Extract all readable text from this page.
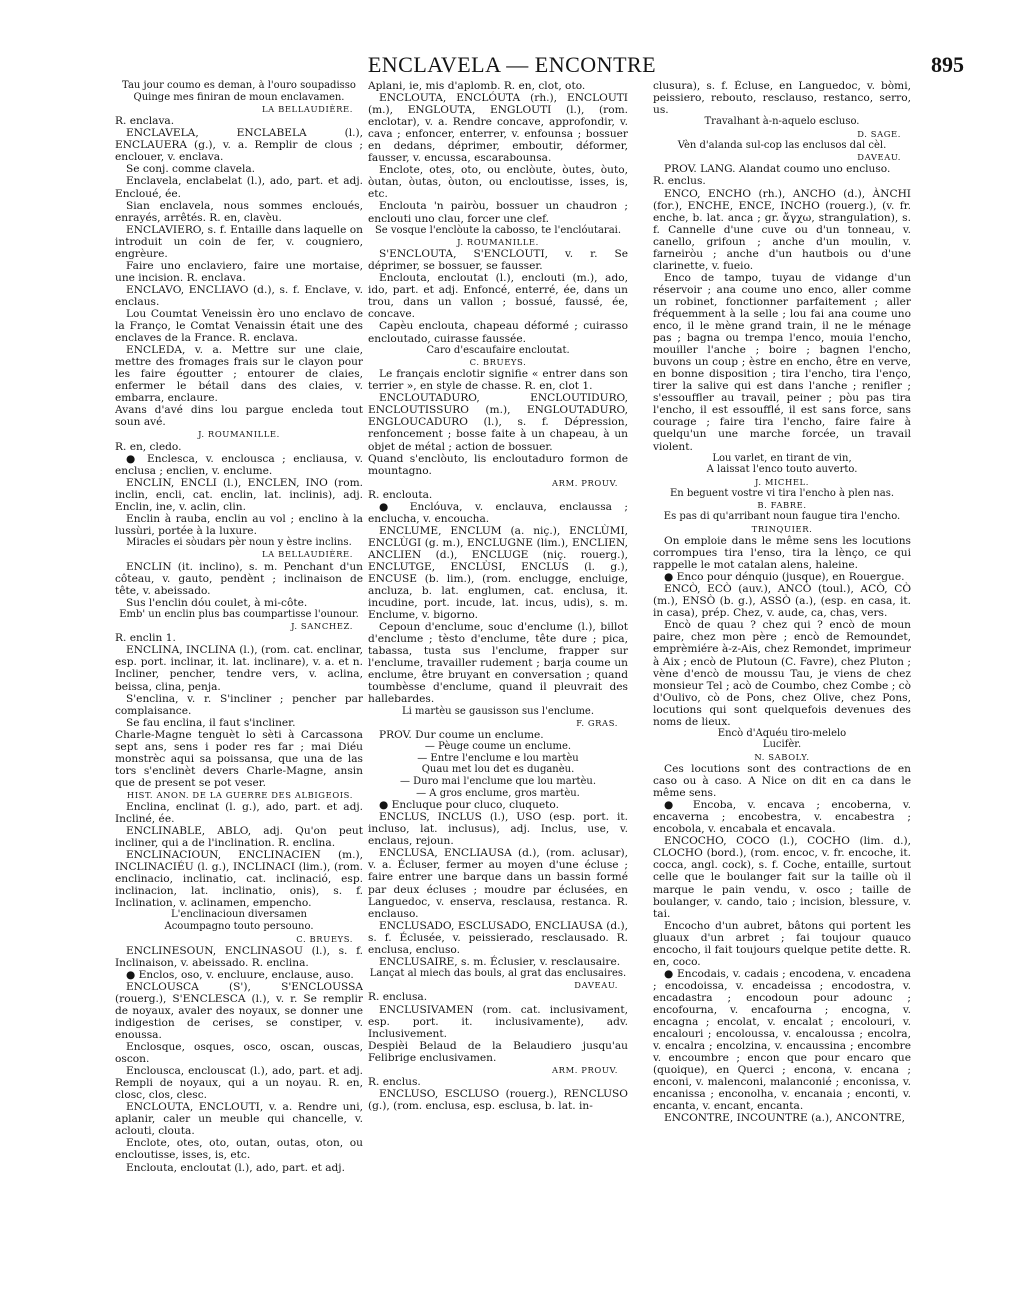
ENCLAVELA — ENCONTRE	895

Tau jour coumo es deman, à l'ouro soupadisso

Quinge mes finiran de moun enclavamen.

LA BELLAUDIÈRE.

R. enclava.

ENCLAVELA, ENCLABELA (l.), ENCLAUERA (g.), v. a. Remplir de clous ; enclouer, v. enclava.

Se conj. comme clavela.

Enclavela, enclabelat (l.), ado, part. et adj. Encloué, ée.

Sian enclavela, nous sommes encloués, enrayés, arrêtés. R. en, clavèu.

ENCLAVIERO, s. f. Entaille dans laquelle on introduit un coin de fer, v. cougniero, engrèure.

Faire uno enclaviero, faire une mortaise, une incision. R. enclava.

ENCLAVO, ENCLIAVO (d.), s. f. Enclave, v. enclaus.

Lou Coumtat Veneissin èro uno enclavo de la Franço, le Comtat Venaissin était une des enclaves de la France. R. enclava.

ENCLEDA, v. a. Mettre sur une claie, mettre des fromages frais sur le clayon pour les faire égoutter ; entourer de claies, enfermer le bétail dans des claies, v. embarra, enclaure.

Avans d'avé dins lou pargue encleda tout soun avé.

J. ROUMANILLE.

R. en, cledo.

● Enclesca, v. enclousca ; encliausa, v. enclusa ; enclien, v. enclume.

ENCLIN, ENCLI (l.), ENCLEN, INO (rom. inclin, encli, cat. enclin, lat. inclinis), adj. Enclin, ine, v. aclin, clin.

Enclin à rauba, enclin au vol ; enclino à la lussùri, portée à la luxure.

Miracles ei sòudars pèr noun y èstre inclins.

LA BELLAUDIÈRE.

ENCLIN (it. inclino), s. m. Penchant d'un côteau, v. gauto, pendènt ; inclinaison de tête, v. abeissado.

Sus l'enclin dóu coulet, à mi-côte.

Emb' un enclin plus bas coumpartisse l'ounour.

J. SANCHEZ.

R. enclin 1.

ENCLINA, INCLINA (l.), (rom. cat. enclinar, esp. port. inclinar, it. lat. inclinare), v. a. et n. Incliner, pencher, tendre vers, v. aclina, beissa, clina, penja.

S'enclina, v. r. S'incliner ; pencher par complaisance.

Se fau enclina, il faut s'incliner.

Charle-Magne tenguèt lo sèti à Carcassona sept ans, sens i poder res far ; mai Diéu monstrèc aqui sa poissansa, que una de las tors s'enclinèt devers Charle-Magne, ansin que de present se pot veser.

HIST. ANON. DE LA GUERRE DES ALBIGEOIS.

Enclina, enclinat (l. g.), ado, part. et adj. Incliné, ée.

ENCLINABLE, ABLO, adj. Qu'on peut incliner, qui a de l'inclination. R. enclina.

ENCLINACIOUN, ENCLINACIEN (m.), INCLINACIÉU (l. g.), INCLINACI (lim.), (rom. enclinacio, inclinatio, cat. inclinació, esp. inclinacion, lat. inclinatio, onis), s. f. Inclination, v. aclinamen, empencho.

L'enclinacioun diversamen

Acoumpagno touto persouno.

C. BRUEYS.

ENCLINESOUN, ENCLINASOU (l.), s. f. Inclinaison, v. abeissado. R. enclina.

● Enclos, oso, v. encluure, enclause, auso.

ENCLOUSCA (S'), S'ENCLOUSSA (rouerg.), S'ENCLESCA (l.), v. r. Se remplir de noyaux, avaler des noyaux, se donner une indigestion de cerises, se constiper, v. enoussa.

Enclosque, osques, osco, oscan, ouscas, oscon.

Enclousca, enclouscat (l.), ado, part. et adj. Rempli de noyaux, qui a un noyau. R. en, closc, clos, clesc.

ENCLOUTA, ENCLOUTI, v. a. Rendre uni, aplanir, caler un meuble qui chancelle, v. aclouti, clouta.

Enclote, otes, oto, outan, outas, oton, ou encloutisse, isses, is, etc.

Enclouta, encloutat (l.), ado, part. et adj.

Aplani, ie, mis d'aplomb. R. en, clot, oto.

ENCLOUTA, ENCLÓUTA (rh.), ENCLOUTI (m.), ENGLOUTA, ENGLOUTI (l.), (rom. enclotar), v. a. Rendre concave, approfondir, v. cava ; enfoncer, enterrer, v. enfounsa ; bossuer en dedans, déprimer, emboutir, déformer, fausser, v. encussa, escarabounsa.

Enclote, otes, oto, ou enclòute, òutes, òuto, òutan, òutas, òuton, ou encloutisse, isses, is, etc.

Enclouta 'n pairòu, bossuer un chaudron ; enclouti uno clau, forcer une clef.

Se vosque l'enclòute la cabosso, te l'enclóutarai.

J. ROUMANILLE.

S'ENCLOUTA, S'ENCLOUTI, v. r. Se déprimer, se bossuer, se fausser.

Enclouta, encloutat (l.), enclouti (m.), ado, ido, part. et adj. Enfoncé, enterré, ée, dans un trou, dans un vallon ; bossué, faussé, ée, concave.

Capèu enclouta, chapeau déformé ; cuirasso encloutado, cuirasse faussée.

Caro d'escaufaire encloutat.

C. BRUEYS.

Le français enclotir signifie « entrer dans son terrier », en style de chasse. R. en, clot 1.

ENCLOUTADURO, ENCLOUTIDURO, ENCLOUTISSURO (m.), ENGLOUTADURO, ENGLOUCADURO (l.), s. f. Dépression, renfoncement ; bosse faite à un chapeau, à un objet de métal ; action de bossuer.

Quand s'enclòuto, lis encloutaduro formon de mountagno.

ARM. PROUV.

R. enclouta.

● Enclóuva, v. enclauva, enclaussa ; enclucha, v. encoucha.

ENCLUME, ENCLUM (a. niç.), ENCLÙMI, ENCLÙGI (g. m.), ENCLUGNE (lim.), ENCLIEN, ANCLIEN (d.), ENCLUGE (niç. rouerg.), ENCLUTGE, ENCLÙSI, ENCLUS (l. g.), ENCUSE (b. lim.), (rom. enclugge, encluige, ancluza, b. lat. englumen, cat. enclusa, it. incudine, port. incude, lat. incus, udis), s. m. Enclume, v. bigorno.

Cepoun d'enclume, souc d'enclume (l.), billot d'enclume ; tèsto d'enclume, tête dure ; pica, tabassa, tusta sus l'enclume, frapper sur l'enclume, travailler rudement ; barja coume un enclume, être bruyant en conversation ; quand toumbèsse d'enclume, quand il pleuvrait des hallebardes.

Li martèu se gausisson sus l'enclume.

F. GRAS.

PROV. Dur coume un enclume.

— Pèuge coume un enclume.

— Entre l'enclume e lou martèu

Quau met lou det es duganèu.

— Duro mai l'enclume que lou martèu.

— A gros enclume, gros martèu.

● Encluque pour cluco, cluqueto.

ENCLUS, INCLUS (l.), USO (esp. port. it. incluso, lat. inclusus), adj. Inclus, use, v. enclaus, rejoun.

ENCLUSA, ENCLIAUSA (d.), (rom. aclusar), v. a. Écluser, fermer au moyen d'une écluse ; faire entrer une barque dans un bassin formé par deux écluses ; moudre par éclusées, en Languedoc, v. enserva, resclausa, restanca. R. enclauso.

ENCLUSADO, ESCLUSADO, ENCLIAUSA (d.), s. f. Éclusée, v. peissierado, resclausado. R. enclusa, encluso.

ENCLUSAIRE, s. m. Éclusier, v. resclausaire.

Lançat al miech das bouls, al grat das enclusaires.

DAVEAU.

R. enclusa.

ENCLUSIVAMEN (rom. cat. inclusivament, esp. port. it. inclusivamente), adv. Inclusivement.

Despièi Belaud de la Belaudiero jusqu'au Felibrige enclusivamen.

ARM. PROUV.

R. enclus.

ENCLUSO, ESCLUSO (rouerg.), RENCLUSO (g.), (rom. enclusa, esp. esclusa, b. lat. in-

clusura), s. f. Écluse, en Languedoc, v. bòmi, peissiero, rebouto, resclauso, restanco, serro, us.

Travalhant à-n-aquelo escluso.

D. SAGE.

Vèn d'alanda sul-cop las enclusos dal cèl.

DAVEAU.

PROV. LANG. Alandat coumo uno encluso.

R. enclus.

ENCO, ENCHO (rh.), ANCHO (d.), ÀNCHI (for.), ENCHE, ENCE, INCHO (rouerg.), (v. fr. enche, b. lat. anca ; gr. ἄγχω, strangulation), s. f. Cannelle d'une cuve ou d'un tonneau, v. canello, grifoun ; anche d'un moulin, v. farneiròu ; anche d'un hautbois ou d'une clarinette, v. fueio.

Enco de tampo, tuyau de vidange d'un réservoir ; ana coume uno enco, aller comme un robinet, fonctionner parfaitement ; aller fréquemment à la selle ; lou fai ana coume uno enco, il le mène grand train, il ne le ménage pas ; bagna ou trempa l'enco, mouia l'encho, mouiller l'anche ; boire ; bagnen l'encho, buvons un coup ; èstre en encho, être en verve, en bonne disposition ; tira l'encho, tira l'enço, tirer la salive qui est dans l'anche ; renifler ; s'essouffler au travail, peiner ; pòu pas tira l'encho, il est essoufflé, il est sans force, sans courage ; faire tira l'encho, faire faire à quelqu'un une marche forcée, un travail violent.

Lou varlet, en tirant de vin,

A laissat l'enco touto auverto.

J. MICHEL.

En beguent vostre vi tira l'encho à plen nas.

B. FABRE.

Es pas di qu'arribant noun faugue tira l'encho.

TRINQUIER.

On emploie dans le même sens les locutions corrompues tira l'enso, tira la lènço, ce qui rappelle le mot catalan alens, haleine.

● Enco pour dénquio (jusque), en Rouergue.

ENCÒ, ECÒ (auv.), ANCÒ (toul.), ACÒ, CÒ (m.), ENSÒ (b. g.), ASSÒ (a.), (esp. en casa, it. in casa), prép. Chez, v. aude, ca, chas, vers.

Encò de quau ? chez qui ? encò de moun paire, chez mon père ; encò de Remoundet, emprèmiére à-z-Ais, chez Remondet, imprimeur à Aix ; encò de Plutoun (C. Favre), chez Pluton ; vène d'encò de moussu Tau, je viens de chez monsieur Tel ; acò de Coumbo, chez Combe ; cò d'Oulivo, cò de Pons, chez Olive, chez Pons, locutions qui sont quelquefois devenues des noms de lieux.

Encò d'Aquéu tiro-melelo

Lucifèr.

N. SABOLY.

Ces locutions sont des contractions de en caso ou à caso. A Nice on dit en ca dans le même sens.

● Encoba, v. encava ; encoberna, v. encaverna ; encobestra, v. encabestra ; encobola, v. encabala et encavala.

ENCOCHO, COCO (l.), COCHO (lim. d.), CLOCHO (bord.), (rom. encoc, v. fr. encoche, it. cocca, angl. cock), s. f. Coche, entaille, surtout celle que le boulanger fait sur la taille où il marque le pain vendu, v. osco ; taille de boulanger, v. cando, taio ; incision, blessure, v. tai.

Encocho d'un aubret, bâtons qui portent les gluaux d'un arbret ; fai toujour quauco encocho, il fait toujours quelque petite dette. R. en, coco.

● Encodais, v. cadais ; encodena, v. encadena ; encodoissa, v. encadeissa ; encodostra, v. encadastra ; encodoun pour adounc ; encofourna, v. encafourna ; encogna, v. encagna ; encolat, v. encalat ; encolouri, v. encalouri ; encoloussa, v. encaloussa ; encolra, v. encalra ; encolzina, v. encaussina ; encombre v. encoumbre ; encon que pour encaro que (quoique), en Querci ; encona, v. encana ; enconi, v. malenconi, malanconié ; enconissa, v. encanissa ; enconolha, v. encanaia ; enconti, v. encanta, v. encant, encanta.

ENCONTRE, INCOUNTRE (a.), ANCONTRE,
